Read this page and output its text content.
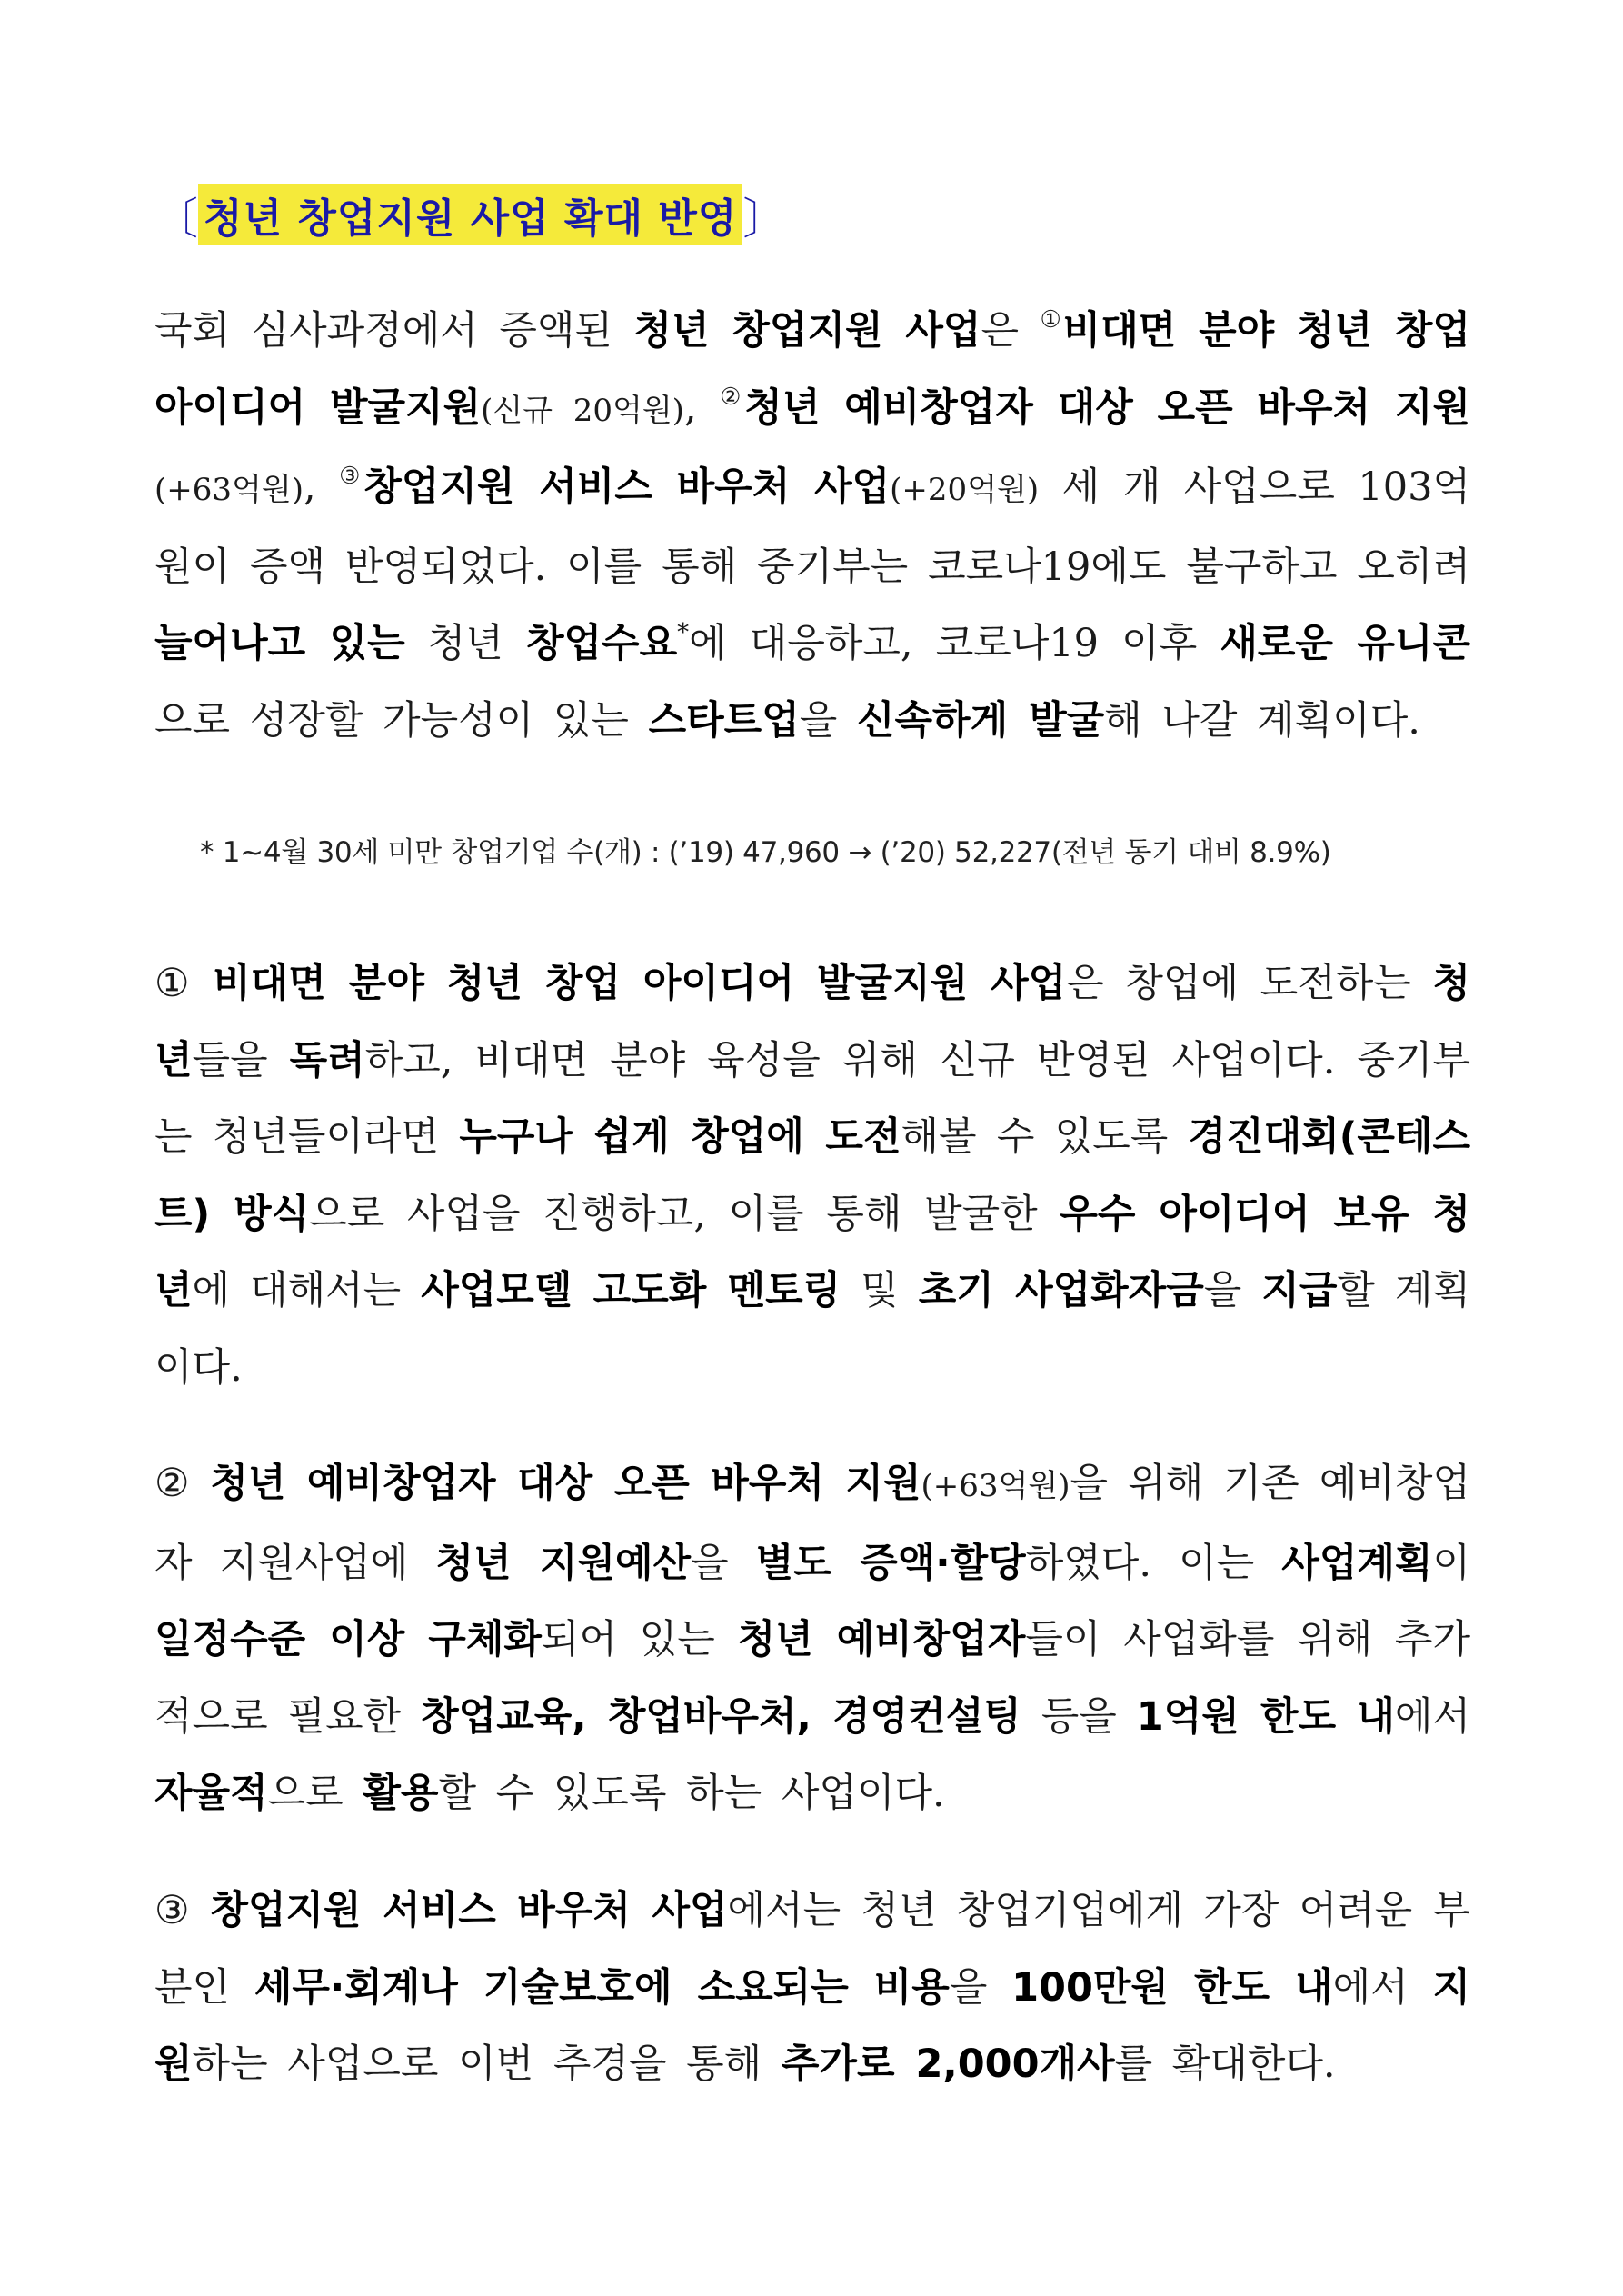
〔 청년 창업지원 사업 확대 반영 〕

국회 심사과정에서 증액된 청년 창업지원 사업은 ①비대면 분야 청년 창업 아이디어 발굴지원(신규 20억원), ②청년 예비창업자 대상 오픈 바우처 지원(+63억원), ③창업지원 서비스 바우처 사업(+20억원) 세 개 사업으로 103억원이 증액 반영되었다. 이를 통해 중기부는 코로나19에도 불구하고 오히려 늘어나고 있는 청년 창업수요*에 대응하고, 코로나19 이후 새로운 유니콘으로 성장할 가능성이 있는 스타트업을 신속하게 발굴해 나갈 계획이다.

* 1~4월 30세 미만 창업기업 수(개) : (’19) 47,960 → (’20) 52,227(전년 동기 대비 8.9%)

① 비대면 분야 청년 창업 아이디어 발굴지원 사업은 창업에 도전하는 청년들을 독려하고, 비대면 분야 육성을 위해 신규 반영된 사업이다. 중기부는 청년들이라면 누구나 쉽게 창업에 도전해볼 수 있도록 경진대회(콘테스트) 방식으로 사업을 진행하고, 이를 통해 발굴한 우수 아이디어 보유 청년에 대해서는 사업모델 고도화 멘토링 및 초기 사업화자금을 지급할 계획이다.

② 청년 예비창업자 대상 오픈 바우처 지원(+63억원)을 위해 기존 예비창업자 지원사업에 청년 지원예산을 별도 증액·할당하였다. 이는 사업계획이 일정수준 이상 구체화되어 있는 청년 예비창업자들이 사업화를 위해 추가적으로 필요한 창업교육, 창업바우처, 경영컨설팅 등을 1억원 한도 내에서 자율적으로 활용할 수 있도록 하는 사업이다.

③ 창업지원 서비스 바우처 사업에서는 청년 창업기업에게 가장 어려운 부분인 세무·회계나 기술보호에 소요되는 비용을 100만원 한도 내에서 지원하는 사업으로 이번 추경을 통해 추가로 2,000개사를 확대한다.
